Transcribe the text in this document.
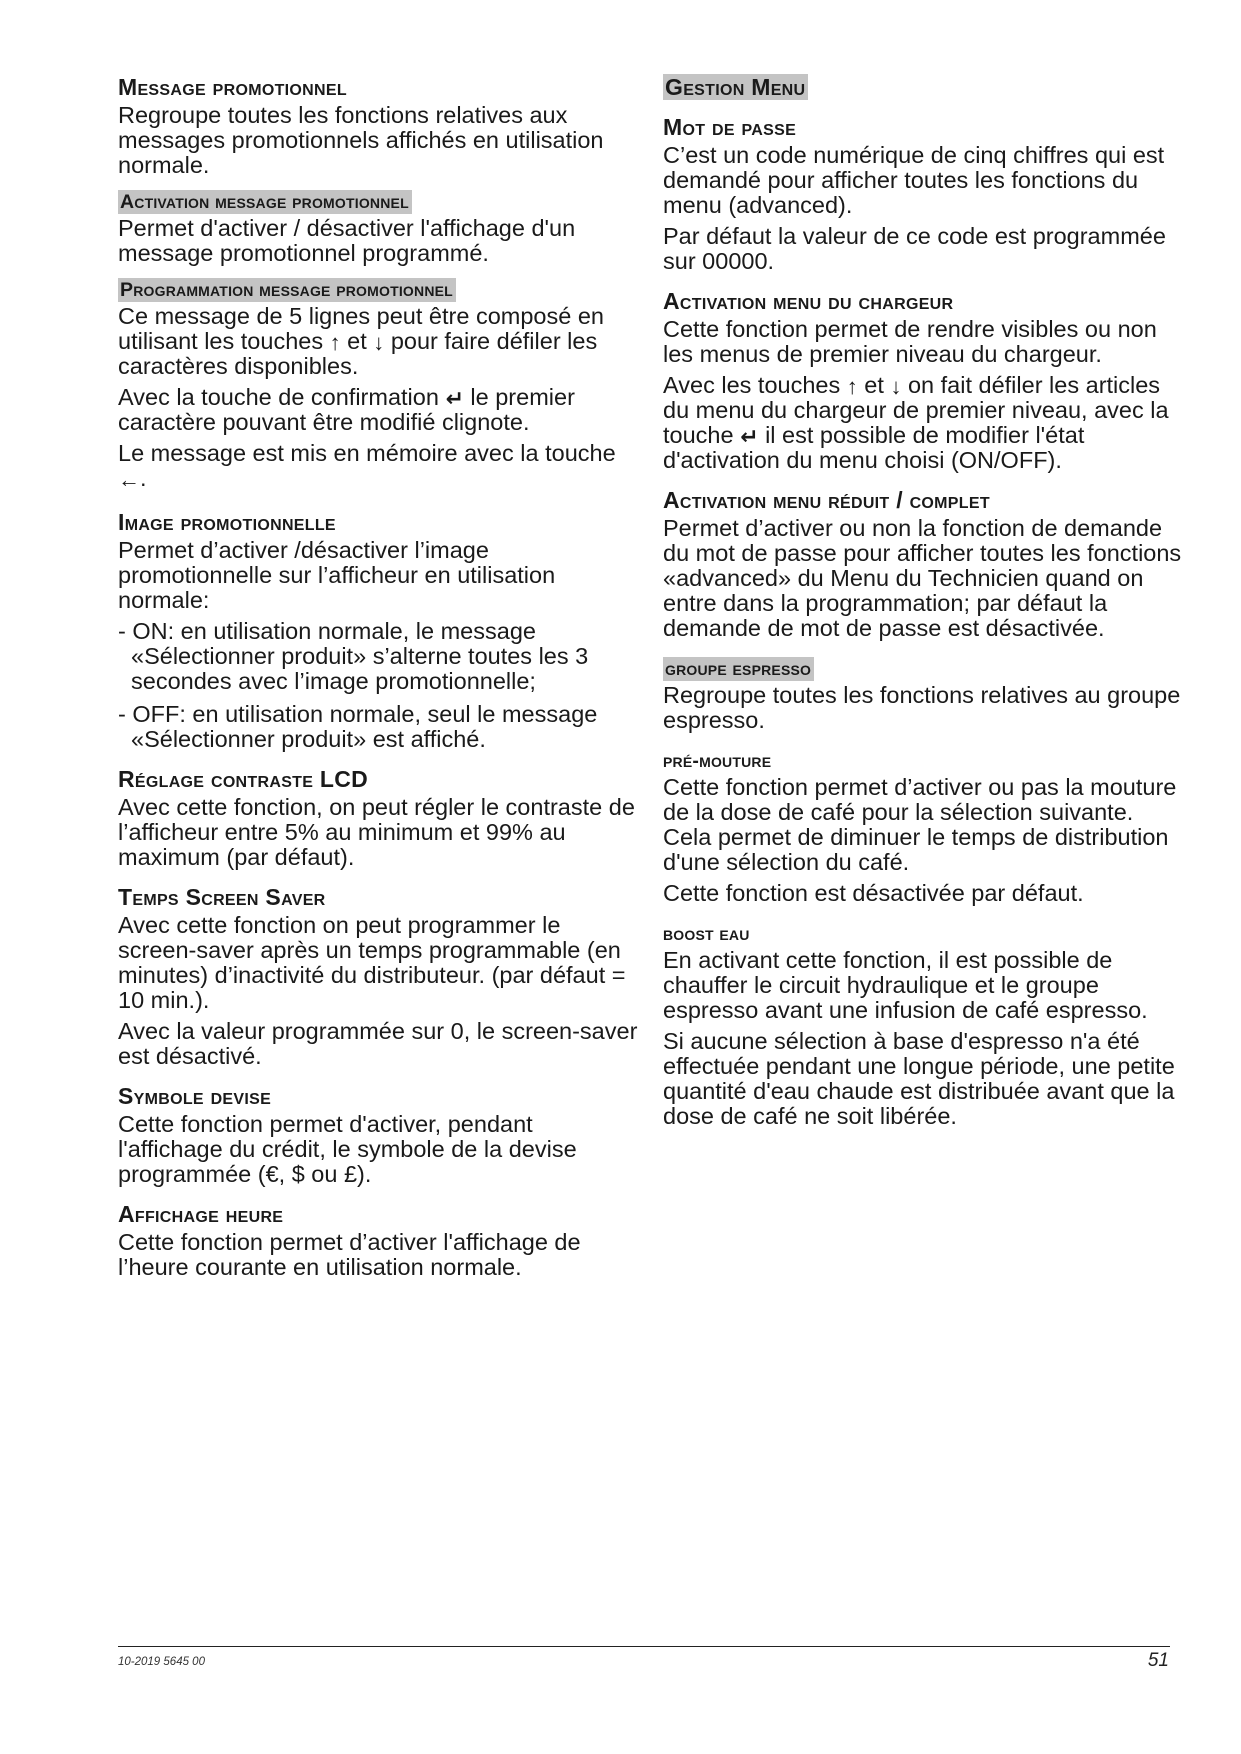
Message promotionnel

Regroupe toutes les fonctions relatives aux messages promotionnels affichés en utilisation normale.

Activation message promotionnel

Permet d'activer / désactiver l'affichage d'un message promotionnel programmé.

Programmation message promotionnel

Ce message de 5 lignes peut être composé en utilisant les touches ↑ et ↓ pour faire défiler les caractères disponibles.

Avec la touche de confirmation ↵ le premier caractère pouvant être modifié clignote.

Le message est mis en mémoire avec la touche ←.

Image promotionnelle

Permet d’activer /désactiver l’image promotionnelle sur l’afficheur en utilisation normale:

- ON: en utilisation normale, le message «Sélectionner produit» s’alterne toutes les 3 secondes avec l’image promotionnelle;

- OFF: en utilisation normale, seul le message «Sélectionner produit» est affiché.

Réglage contraste LCD

Avec cette fonction, on peut régler le contraste de l’afficheur entre 5% au minimum et 99% au maximum (par défaut).

Temps Screen Saver

Avec cette fonction on peut programmer le screen-saver après un temps programmable (en minutes) d’inactivité du distributeur. (par défaut = 10 min.).

Avec la valeur programmée sur 0, le screen-saver est désactivé.

Symbole devise

Cette fonction permet d'activer, pendant l'affichage du crédit, le symbole de la devise programmée (€, $ ou £).

Affichage heure

Cette fonction permet d’activer l'affichage de l’heure courante en utilisation normale.

Gestion Menu
Mot de passe

C’est un code numérique de cinq chiffres qui est demandé pour afficher toutes les fonctions du menu (advanced).

Par défaut la valeur de ce code est programmée sur 00000.

Activation menu du chargeur

Cette fonction permet de rendre visibles ou non les menus de premier niveau du chargeur.

Avec les touches ↑ et ↓ on fait défiler les articles du menu du chargeur de premier niveau, avec la touche ↵ il est possible de modifier l'état d'activation du menu choisi (ON/OFF).

Activation menu réduit / complet

Permet d’activer ou non la fonction de demande du mot de passe pour afficher toutes les fonctions «advanced» du Menu du Technicien quand on entre dans la programmation; par défaut la demande de mot de passe est désactivée.

groupe espresso

Regroupe toutes les fonctions relatives au groupe espresso.

pré-mouture

Cette fonction permet d’activer ou pas la mouture de la dose de café pour la sélection suivante. Cela permet de diminuer le temps de distribution d'une sélection du café.

Cette fonction est désactivée par défaut.

boost eau

En activant cette fonction, il est possible de chauffer le circuit hydraulique et le groupe espresso avant une infusion de café espresso.

Si aucune sélection à base d'espresso n'a été effectuée pendant une longue période, une petite quantité d'eau chaude est distribuée avant que la dose de café ne soit libérée.

10-2019 5645 00	51
